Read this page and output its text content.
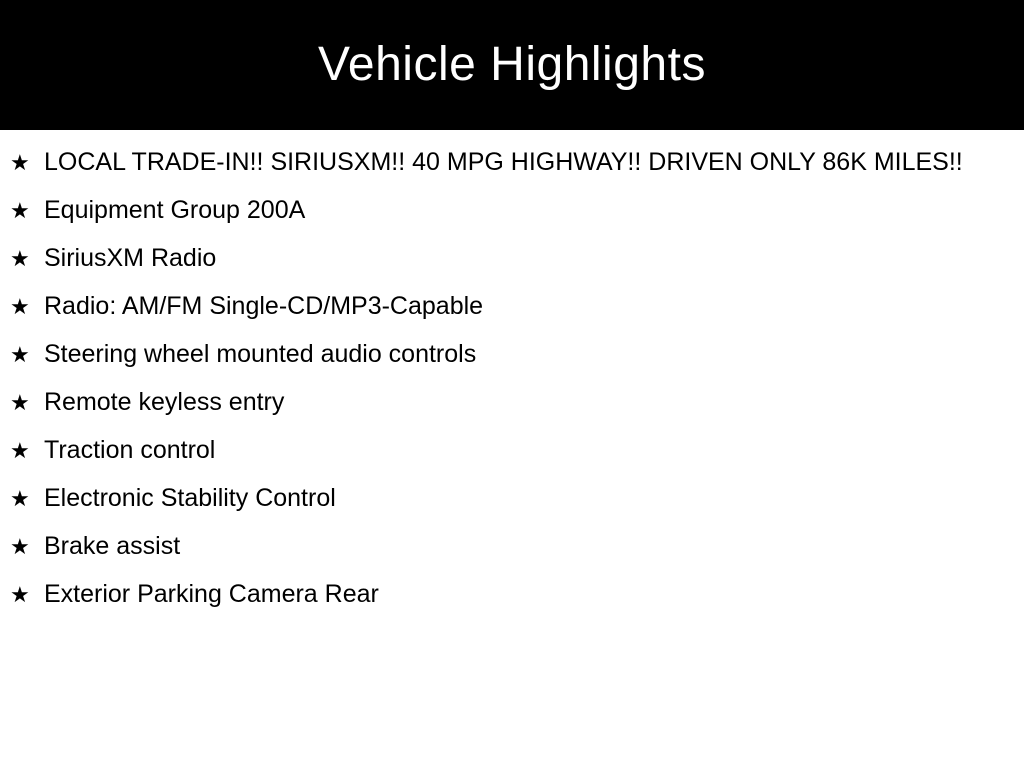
Vehicle Highlights
★ LOCAL TRADE-IN!! SIRIUSXM!! 40 MPG HIGHWAY!! DRIVEN ONLY 86K MILES!!
★ Equipment Group 200A
★ SiriusXM Radio
★ Radio: AM/FM Single-CD/MP3-Capable
★ Steering wheel mounted audio controls
★ Remote keyless entry
★ Traction control
★ Electronic Stability Control
★ Brake assist
★ Exterior Parking Camera Rear
